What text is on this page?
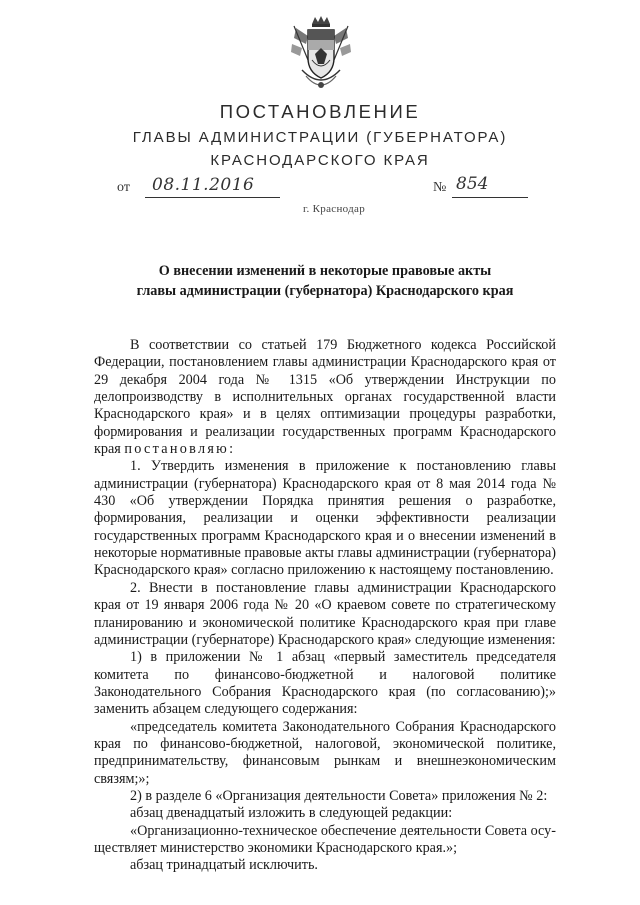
ПОСТАНОВЛЕНИЕ
ГЛАВЫ АДМИНИСТРАЦИИ (ГУБЕРНАТОРА)
КРАСНОДАРСКОГО КРАЯ
от 08.11.2016	№ 854
г. Краснодар
О внесении изменений в некоторые правовые акты
главы администрации (губернатора) Краснодарского края

В соответствии со статьей 179 Бюджетного кодекса Российской Федерации, постановлением главы администрации Краснодарского края от 29 декабря 2004 года № 1315 «Об утверждении Инструкции по делопроизводству в исполнительных органах государственной власти Краснодарского края» и в целях оптимизации процедуры разработки, формирования и реализации государственных программ Краснодарского края постановляю:

1. Утвердить изменения в приложение к постановлению главы администрации (губернатора) Краснодарского края от 8 мая 2014 года № 430 «Об утверждении Порядка принятия решения о разработке, формирования, реализации и оценки эффективности реализации государственных программ Краснодарского края и о внесении изменений в некоторые нормативные правовые акты главы администрации (губернатора) Краснодарского края» согласно приложению к настоящему постановлению.

2. Внести в постановление главы администрации Краснодарского края от 19 января 2006 года № 20 «О краевом совете по стратегическому планированию и экономической политике Краснодарского края при главе администрации (губернаторе) Краснодарского края» следующие изменения:

1) в приложении № 1 абзац «первый заместитель председателя комитета по финансово-бюджетной и налоговой политике Законодательного Собрания Краснодарского края (по согласованию);» заменить абзацем следующего содержания:

«председатель комитета Законодательного Собрания Краснодарского края по финансово-бюджетной, налоговой, экономической политике, предпринимательству, финансовым рынкам и внешнеэкономическим связям;»;

2) в разделе 6 «Организация деятельности Совета» приложения № 2:

абзац двенадцатый изложить в следующей редакции:

«Организационно-техническое обеспечение деятельности Совета осуществляет министерство экономики Краснодарского края.»;

абзац тринадцатый исключить.
